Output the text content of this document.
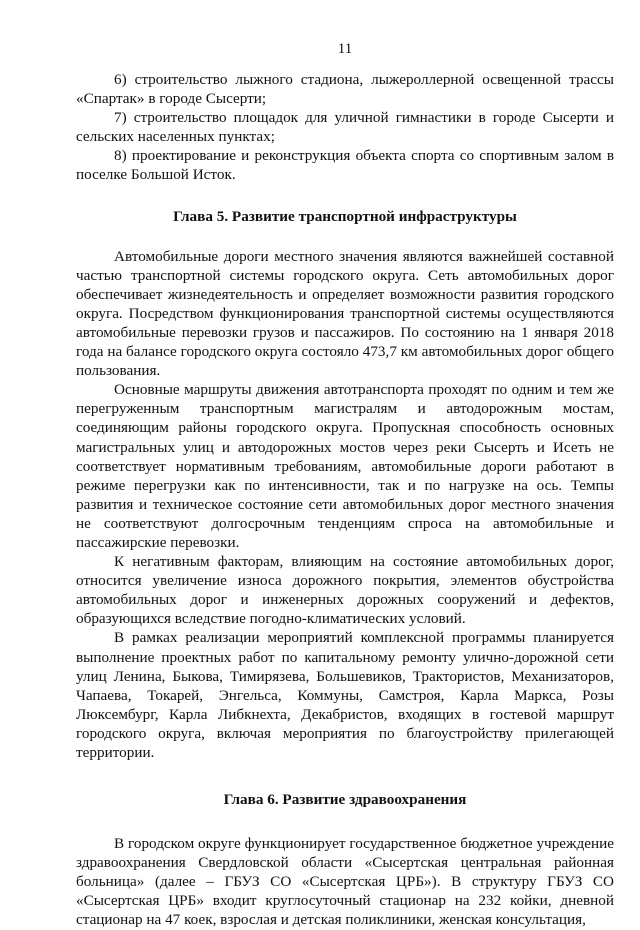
11

6) строительство лыжного стадиона, лыжероллерной освещенной трассы «Спартак» в городе Сысерти;

7) строительство площадок для уличной гимнастики в городе Сысерти и сельских населенных пунктах;

8) проектирование и реконструкция объекта спорта со спортивным залом в поселке Большой Исток.

Глава 5. Развитие транспортной инфраструктуры

Автомобильные дороги местного значения являются важнейшей составной частью транспортной системы городского округа. Сеть автомобильных дорог обеспечивает жизнедеятельность и определяет возможности развития городского округа. Посредством функционирования транспортной системы осуществляются автомобильные перевозки грузов и пассажиров. По состоянию на 1 января 2018 года на балансе городского округа состояло 473,7 км автомобильных дорог общего пользования.

Основные маршруты движения автотранспорта проходят по одним и тем же перегруженным транспортным магистралям и автодорожным мостам, соединяющим районы городского округа. Пропускная способность основных магистральных улиц и автодорожных мостов через реки Сысерть и Исеть не соответствует нормативным требованиям, автомобильные дороги работают в режиме перегрузки как по интенсивности, так и по нагрузке на ось. Темпы развития и техническое состояние сети автомобильных дорог местного значения не соответствуют долгосрочным тенденциям спроса на автомобильные и пассажирские перевозки.

К негативным факторам, влияющим на состояние автомобильных дорог, относится увеличение износа дорожного покрытия, элементов обустройства автомобильных дорог и инженерных дорожных сооружений и дефектов, образующихся вследствие погодно-климатических условий.

В рамках реализации мероприятий комплексной программы планируется выполнение проектных работ по капитальному ремонту улично-дорожной сети улиц Ленина, Быкова, Тимирязева, Большевиков, Трактористов, Механизаторов, Чапаева, Токарей, Энгельса, Коммуны, Самстроя, Карла Маркса, Розы Люксембург, Карла Либкнехта, Декабристов, входящих в гостевой маршрут городского округа, включая мероприятия по благоустройству прилегающей территории.

Глава 6. Развитие здравоохранения

В городском округе функционирует государственное бюджетное учреждение здравоохранения Свердловской области «Сысертская центральная районная больница» (далее – ГБУЗ СО «Сысертская ЦРБ»). В структуру ГБУЗ СО «Сысертская ЦРБ» входит круглосуточный стационар на 232 койки, дневной стационар на 47 коек, взрослая и детская поликлиники, женская консультация,
